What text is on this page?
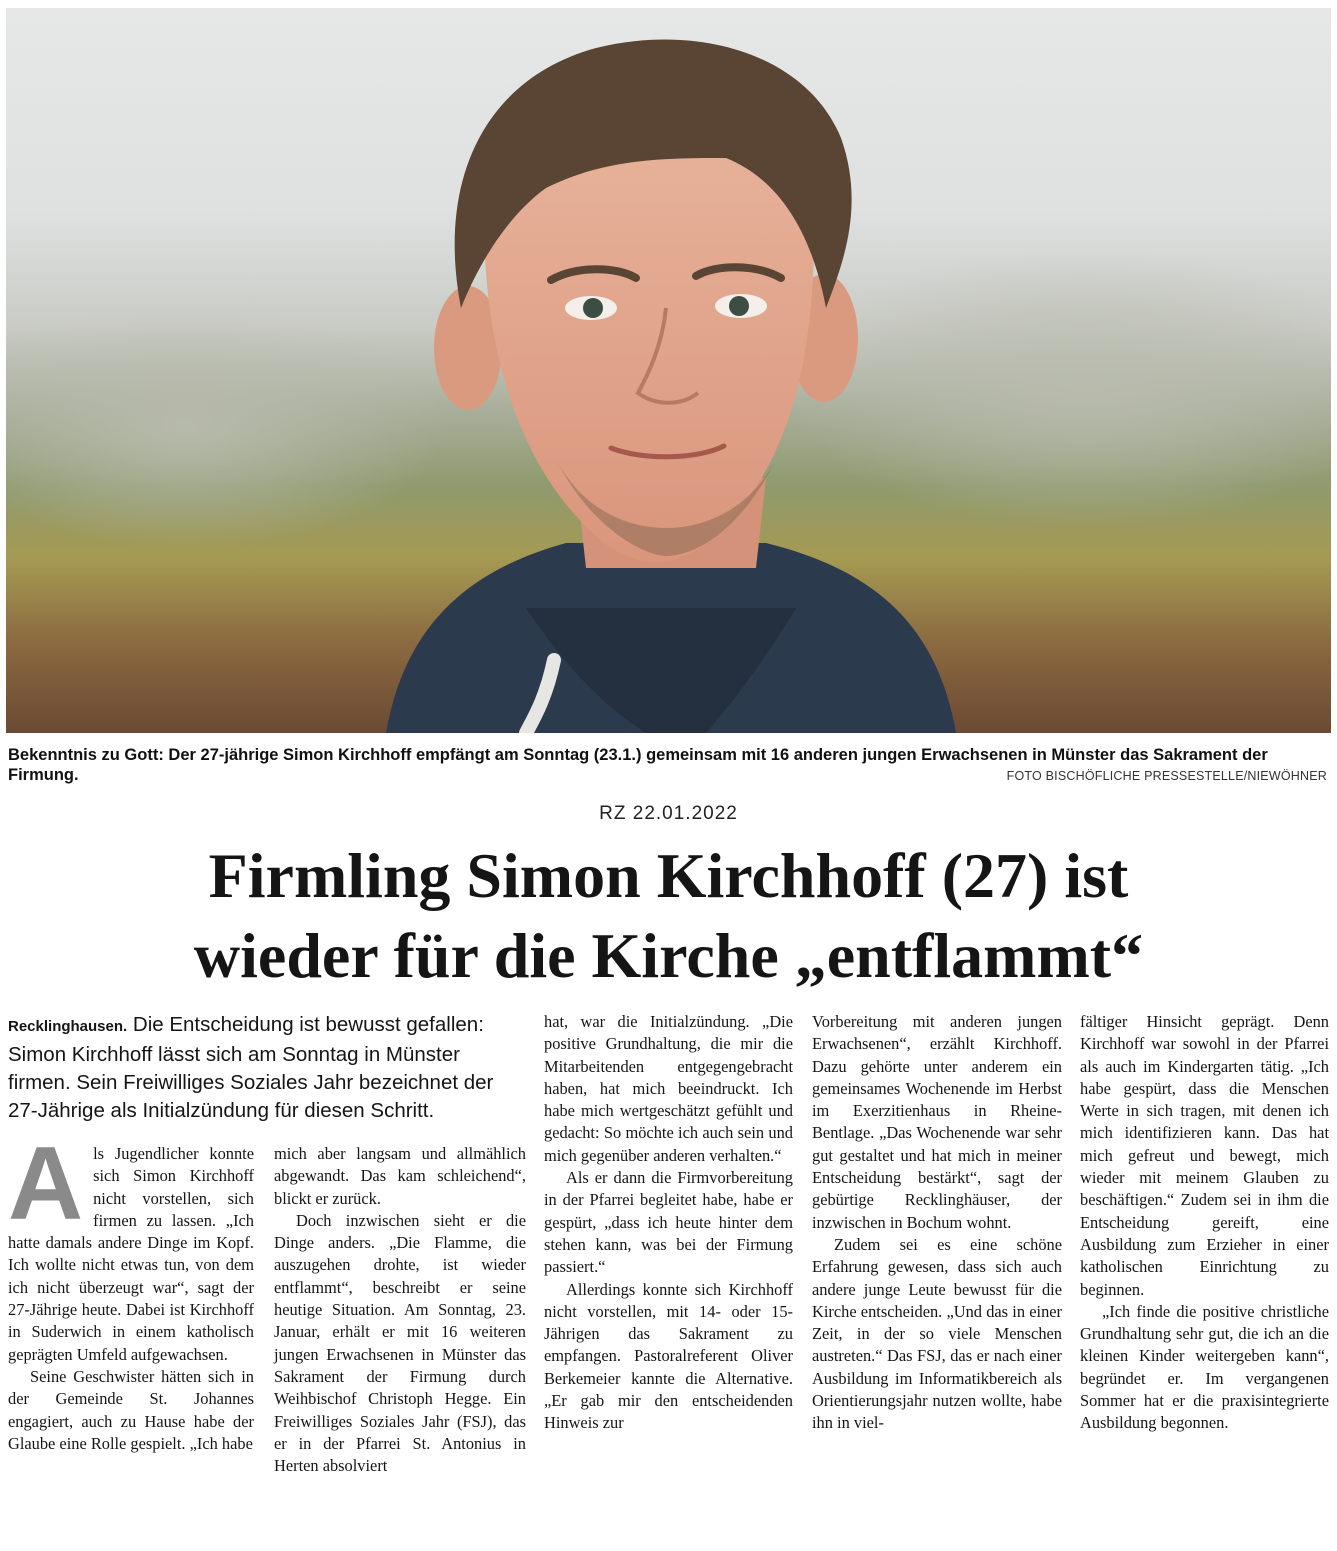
Bekenntnis zu Gott: Der 27-jährige Simon Kirchhoff empfängt am Sonntag (23.1.) gemeinsam mit 16 anderen jungen Erwachsenen in Münster das Sakrament der Firmung.	FOTO BISCHÖFLICHE PRESSESTELLE/NIEWÖHNER
RZ 22.01.2022
Firmling Simon Kirchhoff (27) ist
wieder für die Kirche „entflammt“
Recklinghausen. Die Entscheidung ist bewusst gefallen: Simon Kirchhoff lässt sich am Sonntag in Münster firmen. Sein Freiwilliges Soziales Jahr bezeichnet der 27-Jährige als Initialzündung für diesen Schritt.
A ls Jugendlicher konnte sich Simon Kirchhoff nicht vorstellen, sich firmen zu lassen. „Ich hatte damals andere Dinge im Kopf. Ich wollte nicht etwas tun, von dem ich nicht überzeugt war“, sagt der 27-Jährige heute. Dabei ist Kirchhoff in Suderwich in einem katholisch geprägten Umfeld aufgewachsen.

Seine Geschwister hätten sich in der Gemeinde St. Johannes engagiert, auch zu Hause habe der Glaube eine Rolle gespielt. „Ich habe

mich aber langsam und allmählich abgewandt. Das kam schleichend“, blickt er zurück.

Doch inzwischen sieht er die Dinge anders. „Die Flamme, die auszugehen drohte, ist wieder entflammt“, beschreibt er seine heutige Situation. Am Sonntag, 23. Januar, erhält er mit 16 weiteren jungen Erwachsenen in Münster das Sakrament der Firmung durch Weihbischof Christoph Hegge. Ein Freiwilliges Soziales Jahr (FSJ), das er in der Pfarrei St. Antonius in Herten absolviert

hat, war die Initialzündung. „Die positive Grundhaltung, die mir die Mitarbeitenden entgegengebracht haben, hat mich beeindruckt. Ich habe mich wertgeschätzt gefühlt und gedacht: So möchte ich auch sein und mich gegenüber anderen verhalten.“

Als er dann die Firmvorbereitung in der Pfarrei begleitet habe, habe er gespürt, „dass ich heute hinter dem stehen kann, was bei der Firmung passiert.“

Allerdings konnte sich Kirchhoff nicht vorstellen, mit 14- oder 15-Jährigen das Sakrament zu empfangen. Pastoralreferent Oliver Berkemeier kannte die Alternative. „Er gab mir den entscheidenden Hinweis zur

Vorbereitung mit anderen jungen Erwachsenen“, erzählt Kirchhoff. Dazu gehörte unter anderem ein gemeinsames Wochenende im Herbst im Exerzitienhaus in Rheine-Bentlage. „Das Wochenende war sehr gut gestaltet und hat mich in meiner Entscheidung bestärkt“, sagt der gebürtige Recklinghäuser, der inzwischen in Bochum wohnt.

Zudem sei es eine schöne Erfahrung gewesen, dass sich auch andere junge Leute bewusst für die Kirche entscheiden. „Und das in einer Zeit, in der so viele Menschen austreten.“ Das FSJ, das er nach einer Ausbildung im Informatikbereich als Orientierungsjahr nutzen wollte, habe ihn in viel-

fältiger Hinsicht geprägt. Denn Kirchhoff war sowohl in der Pfarrei als auch im Kindergarten tätig. „Ich habe gespürt, dass die Menschen Werte in sich tragen, mit denen ich mich identifizieren kann. Das hat mich gefreut und bewegt, mich wieder mit meinem Glauben zu beschäftigen.“ Zudem sei in ihm die Entscheidung gereift, eine Ausbildung zum Erzieher in einer katholischen Einrichtung zu beginnen.

„Ich finde die positive christliche Grundhaltung sehr gut, die ich an die kleinen Kinder weitergeben kann“, begründet er. Im vergangenen Sommer hat er die praxisintegrierte Ausbildung begonnen.
